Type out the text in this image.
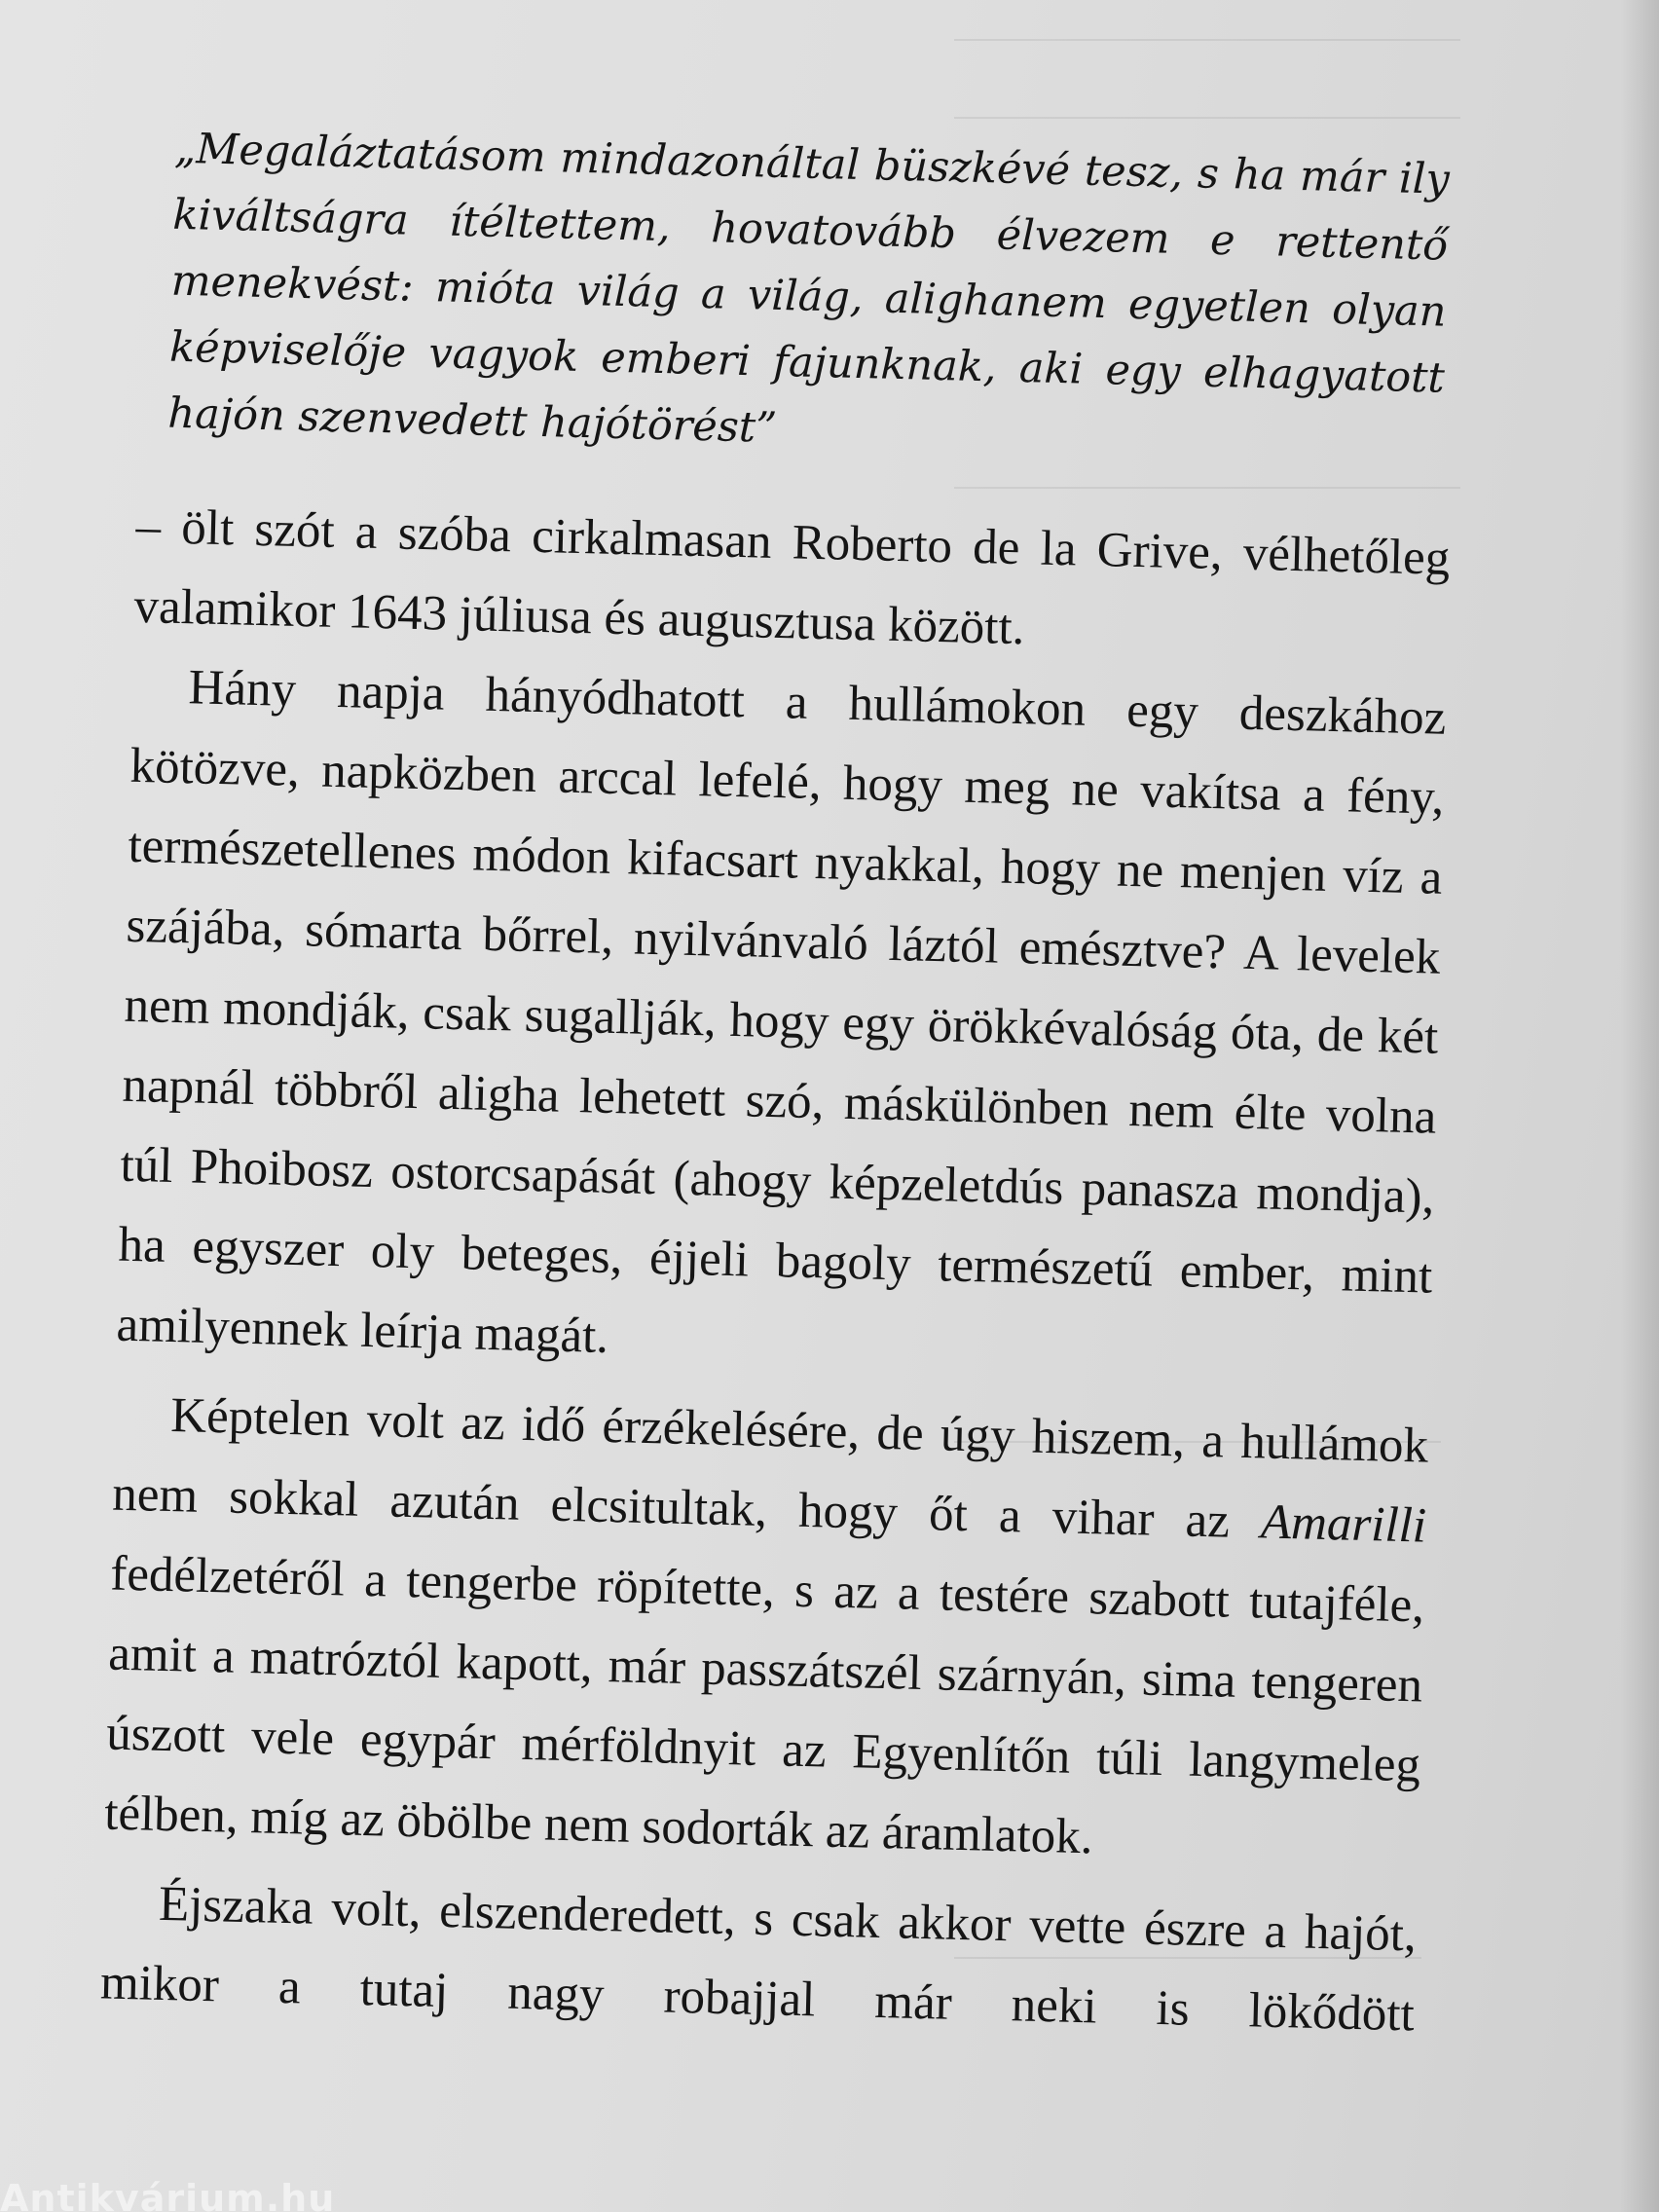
„Megaláztatásom mindazonáltal büszkévé tesz, s ha már ily kiváltságra ítéltettem, hovatovább élvezem e rettentő menekvést: mióta világ a világ, alighanem egyetlen olyan képviselője vagyok emberi fajunknak, aki egy elhagyatott hajón szenvedett hajótörést”

– ölt szót a szóba cirkalmasan Roberto de la Grive, vélhetőleg valamikor 1643 júliusa és augusztusa között.

Hány napja hányódhatott a hullámokon egy deszkához kötözve, napközben arccal lefelé, hogy meg ne vakítsa a fény, természetellenes módon kifacsart nyakkal, hogy ne menjen víz a szájába, sómarta bőrrel, nyilvánvaló láztól emésztve? A levelek nem mondják, csak sugallják, hogy egy örökkévalóság óta, de két napnál többről aligha lehetett szó, máskülönben nem élte volna túl Phoibosz ostorcsapását (ahogy képzeletdús panasza mondja), ha egyszer oly beteges, éjjeli bagoly természetű ember, mint amilyennek leírja magát.

Képtelen volt az idő érzékelésére, de úgy hiszem, a hullámok nem sokkal azután elcsitultak, hogy őt a vihar az Amarilli fedélzetéről a tengerbe röpítette, s az a testére szabott tutajféle, amit a matróztól kapott, már passzátszél szárnyán, sima tengeren úszott vele egypár mérföldnyit az Egyenlítőn túli langymeleg télben, míg az öbölbe nem sodorták az áramlatok.

Éjszaka volt, elszenderedett, s csak akkor vette észre a hajót, mikor a tutaj nagy robajjal már neki is lökődött

Antikvárium.hu
